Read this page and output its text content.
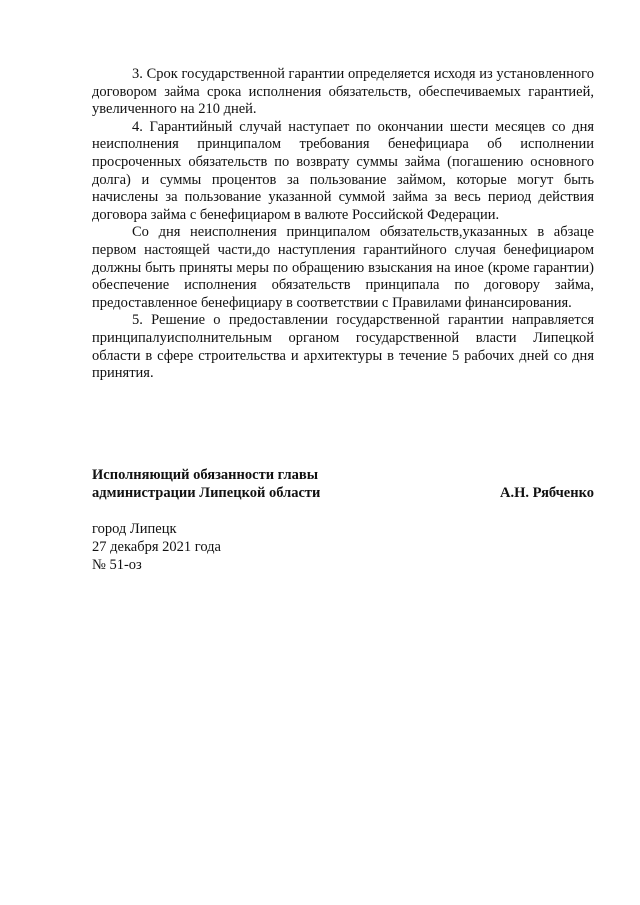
3. Срок государственной гарантии определяется исходя из установленного договором займа срока исполнения обязательств, обеспечиваемых гарантией, увеличенного на 210 дней.

4. Гарантийный случай наступает по окончании шести месяцев со дня неисполнения принципалом требования бенефициара об исполнении просроченных обязательств по возврату суммы займа (погашению основного долга) и суммы процентов за пользование займом, которые могут быть начислены за пользование указанной суммой займа за весь период действия договора займа с бенефициаром в валюте Российской Федерации.

Со дня неисполнения принципалом обязательств,указанных в абзаце первом настоящей части,до наступления гарантийного случая бенефициаром должны быть приняты меры по обращению взыскания на иное (кроме гарантии) обеспечение исполнения обязательств принципала по договору займа, предоставленное бенефициару в соответствии с Правилами финансирования.

5. Решение о предоставлении государственной гарантии направляется принципалуисполнительным органом государственной власти Липецкой области в сфере строительства и архитектуры в течение 5 рабочих дней со дня принятия.

Исполняющий обязанности главы
администрации Липецкой области	А.Н. Рябченко
город Липецк
27 декабря 2021 года
№ 51-оз
